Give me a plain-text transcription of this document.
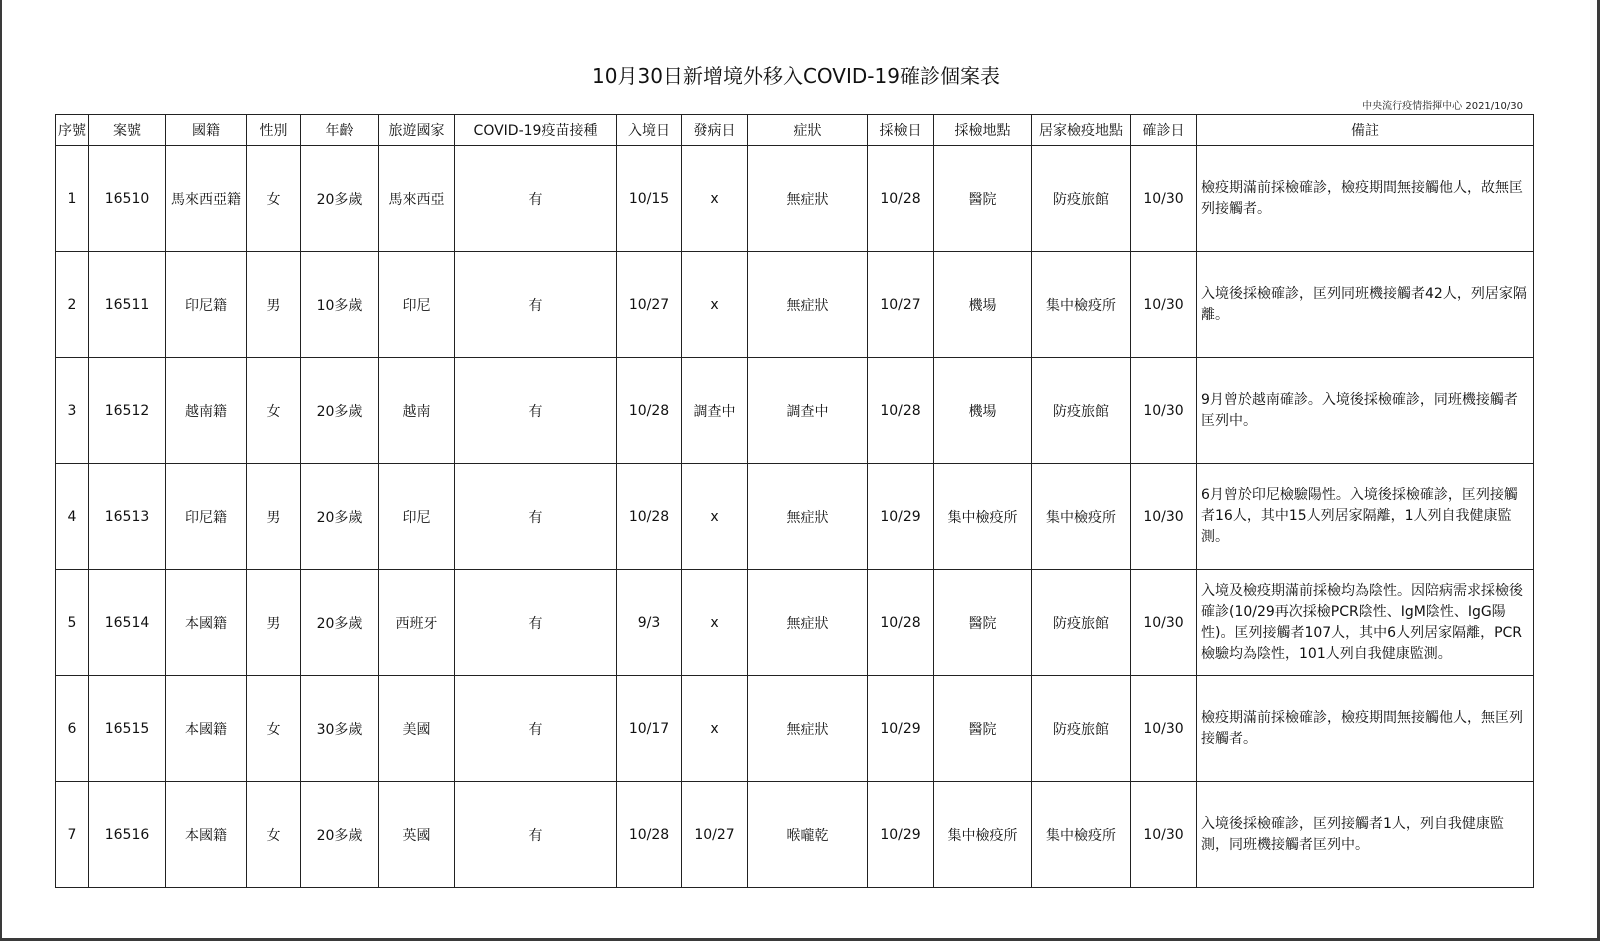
10月30日新增境外移入COVID-19確診個案表
中央流行疫情指揮中心 2021/10/30
序號	案號	國籍	性別	年齡	旅遊國家	COVID-19疫苗接種	入境日	發病日	症狀	採檢日	採檢地點	居家檢疫地點	確診日	備註
1	16510	馬來西亞籍	女	20多歲	馬來西亞	有	10/15	x	無症狀	10/28	醫院	防疫旅館	10/30	檢疫期滿前採檢確診，檢疫期間無接觸他人，故無匡列接觸者。
2	16511	印尼籍	男	10多歲	印尼	有	10/27	x	無症狀	10/27	機場	集中檢疫所	10/30	入境後採檢確診，匡列同班機接觸者42人，列居家隔離。
3	16512	越南籍	女	20多歲	越南	有	10/28	調查中	調查中	10/28	機場	防疫旅館	10/30	9月曾於越南確診。入境後採檢確診，同班機接觸者匡列中。
4	16513	印尼籍	男	20多歲	印尼	有	10/28	x	無症狀	10/29	集中檢疫所	集中檢疫所	10/30	6月曾於印尼檢驗陽性。入境後採檢確診，匡列接觸者16人，其中15人列居家隔離，1人列自我健康監測。
5	16514	本國籍	男	20多歲	西班牙	有	9/3	x	無症狀	10/28	醫院	防疫旅館	10/30	入境及檢疫期滿前採檢均為陰性。因陪病需求採檢後確診(10/29再次採檢PCR陰性、IgM陰性、IgG陽性)。匡列接觸者107人，其中6人列居家隔離，PCR檢驗均為陰性，101人列自我健康監測。
6	16515	本國籍	女	30多歲	美國	有	10/17	x	無症狀	10/29	醫院	防疫旅館	10/30	檢疫期滿前採檢確診，檢疫期間無接觸他人，無匡列接觸者。
7	16516	本國籍	女	20多歲	英國	有	10/28	10/27	喉嚨乾	10/29	集中檢疫所	集中檢疫所	10/30	入境後採檢確診，匡列接觸者1人，列自我健康監測，同班機接觸者匡列中。
